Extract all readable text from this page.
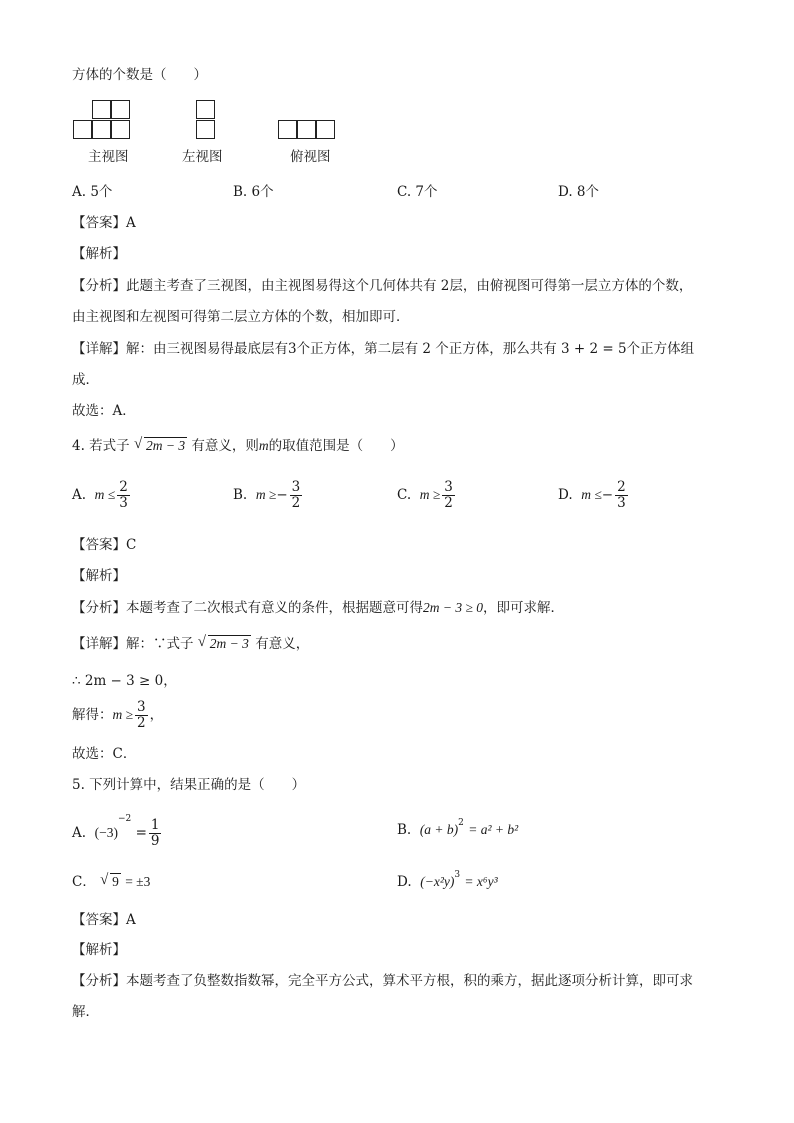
方体的个数是（　　）
主视图	左视图	俯视图
A. 5个	B. 6个	C. 7个	D. 8个
【答案】A
【解析】
【分析】此题主考查了三视图，由主视图易得这个几何体共有 2层，由俯视图可得第一层立方体的个数，
由主视图和左视图可得第二层立方体的个数，相加即可．
【详解】解：由三视图易得最底层有3个正方体，第二层有 2 个正方体，那么共有 3 + 2 = 5个正方体组
成．
故选：A．
4. 若式子 √ 2m − 3 有意义，则m的取值范围是（　　）
A. $m \le \frac{2}{3}$	B. $m \ge- \frac{3}{2}$	C. $m \ge \frac{3}{2}$	D. $m \le- \frac{2}{3}$
【答案】C
【解析】
【分析】本题考查了二次根式有意义的条件，根据题意可得2m − 3 ≥ 0，即可求解．
【详解】解：∵式子 √ 2m − 3 有意义，
∴ 2m − 3 ≥ 0，
解得：$m \ge \frac{3}{2}$ ，
故选：C．
5. 下列计算中，结果正确的是（　　）
A. $(-3)^{-2} = \frac{1}{9}$	B. $(a + b)^2 = a^2 + b^2$
C． √ 9 = ±3	D. $(-x^2y)^3 = x^6y^3$
【答案】A
【解析】
【分析】本题考查了负整数指数幂，完全平方公式，算术平方根，积的乘方，据此逐项分析计算，即可求
解．
